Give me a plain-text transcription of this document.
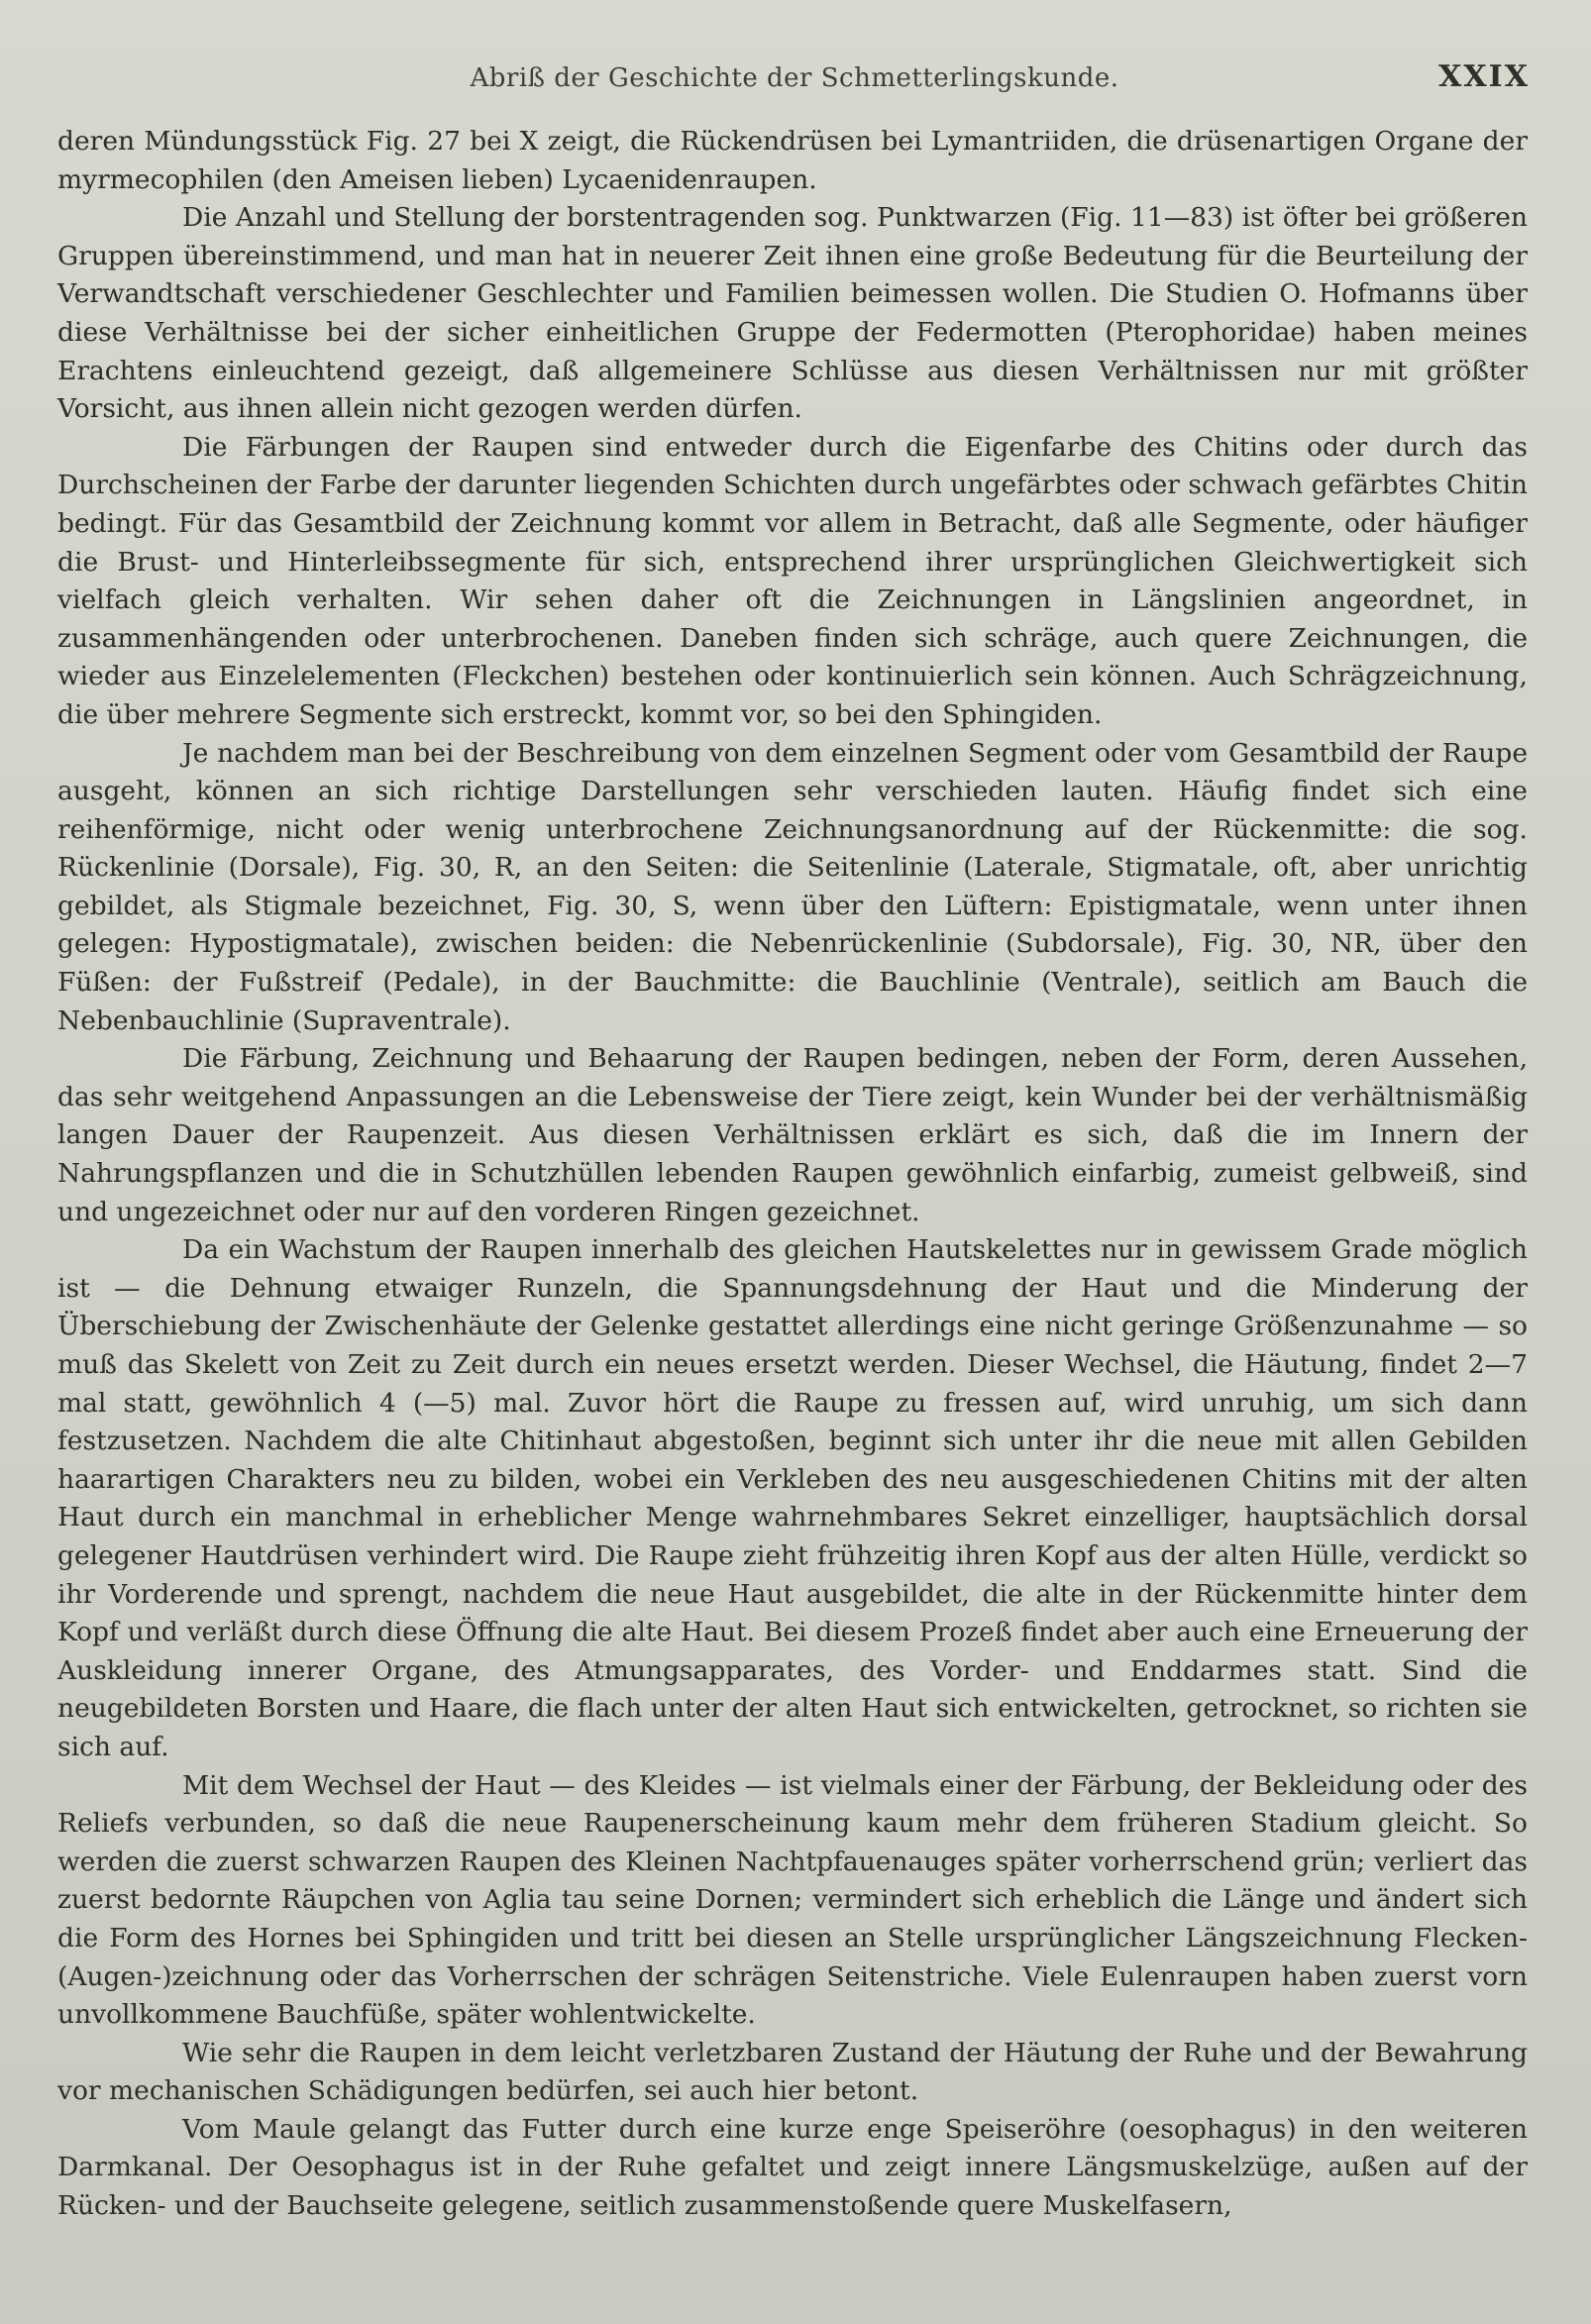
Abriß der Geschichte der Schmetterlingskunde.	XXIX

deren Mündungsstück Fig. 27 bei X zeigt, die Rückendrüsen bei Lymantriiden, die drüsenartigen Organe der myrmecophilen (den Ameisen lieben) Lycaenidenraupen.

Die Anzahl und Stellung der borstentragenden sog. Punktwarzen (Fig. 11—83) ist öfter bei größeren Gruppen übereinstimmend, und man hat in neuerer Zeit ihnen eine große Bedeutung für die Beurteilung der Verwandtschaft verschiedener Geschlechter und Familien beimessen wollen. Die Studien O. Hofmanns über diese Verhältnisse bei der sicher einheitlichen Gruppe der Federmotten (Pterophoridae) haben meines Erachtens einleuchtend gezeigt, daß allgemeinere Schlüsse aus diesen Verhältnissen nur mit größter Vorsicht, aus ihnen allein nicht gezogen werden dürfen.

Die Färbungen der Raupen sind entweder durch die Eigenfarbe des Chitins oder durch das Durchscheinen der Farbe der darunter liegenden Schichten durch ungefärbtes oder schwach gefärbtes Chitin bedingt. Für das Gesamtbild der Zeichnung kommt vor allem in Betracht, daß alle Segmente, oder häufiger die Brust- und Hinterleibssegmente für sich, entsprechend ihrer ursprünglichen Gleichwertigkeit sich vielfach gleich verhalten. Wir sehen daher oft die Zeichnungen in Längslinien angeordnet, in zusammenhängenden oder unterbrochenen. Daneben finden sich schräge, auch quere Zeichnungen, die wieder aus Einzelelementen (Fleckchen) bestehen oder kontinuierlich sein können. Auch Schrägzeichnung, die über mehrere Segmente sich erstreckt, kommt vor, so bei den Sphingiden.

Je nachdem man bei der Beschreibung von dem einzelnen Segment oder vom Gesamtbild der Raupe ausgeht, können an sich richtige Darstellungen sehr verschieden lauten. Häufig findet sich eine reihenförmige, nicht oder wenig unterbrochene Zeichnungsanordnung auf der Rückenmitte: die sog. Rückenlinie (Dorsale), Fig. 30, R, an den Seiten: die Seitenlinie (Laterale, Stigmatale, oft, aber unrichtig gebildet, als Stigmale bezeichnet, Fig. 30, S, wenn über den Lüftern: Epistigmatale, wenn unter ihnen gelegen: Hypostigmatale), zwischen beiden: die Nebenrückenlinie (Subdorsale), Fig. 30, NR, über den Füßen: der Fußstreif (Pedale), in der Bauchmitte: die Bauchlinie (Ventrale), seitlich am Bauch die Nebenbauchlinie (Supraventrale).

Die Färbung, Zeichnung und Behaarung der Raupen bedingen, neben der Form, deren Aussehen, das sehr weitgehend Anpassungen an die Lebensweise der Tiere zeigt, kein Wunder bei der verhältnismäßig langen Dauer der Raupenzeit. Aus diesen Verhältnissen erklärt es sich, daß die im Innern der Nahrungspflanzen und die in Schutzhüllen lebenden Raupen gewöhnlich einfarbig, zumeist gelbweiß, sind und ungezeichnet oder nur auf den vorderen Ringen gezeichnet.

Da ein Wachstum der Raupen innerhalb des gleichen Hautskelettes nur in gewissem Grade möglich ist — die Dehnung etwaiger Runzeln, die Spannungsdehnung der Haut und die Minderung der Überschiebung der Zwischenhäute der Gelenke gestattet allerdings eine nicht geringe Größenzunahme — so muß das Skelett von Zeit zu Zeit durch ein neues ersetzt werden. Dieser Wechsel, die Häutung, findet 2—7 mal statt, gewöhnlich 4 (—5) mal. Zuvor hört die Raupe zu fressen auf, wird unruhig, um sich dann festzusetzen. Nachdem die alte Chitinhaut abgestoßen, beginnt sich unter ihr die neue mit allen Gebilden haarartigen Charakters neu zu bilden, wobei ein Verkleben des neu ausgeschiedenen Chitins mit der alten Haut durch ein manchmal in erheblicher Menge wahrnehmbares Sekret einzelliger, hauptsächlich dorsal gelegener Hautdrüsen verhindert wird. Die Raupe zieht frühzeitig ihren Kopf aus der alten Hülle, verdickt so ihr Vorderende und sprengt, nachdem die neue Haut ausgebildet, die alte in der Rückenmitte hinter dem Kopf und verläßt durch diese Öffnung die alte Haut. Bei diesem Prozeß findet aber auch eine Erneuerung der Auskleidung innerer Organe, des Atmungsapparates, des Vorder- und Enddarmes statt. Sind die neugebildeten Borsten und Haare, die flach unter der alten Haut sich entwickelten, getrocknet, so richten sie sich auf.

Mit dem Wechsel der Haut — des Kleides — ist vielmals einer der Färbung, der Bekleidung oder des Reliefs verbunden, so daß die neue Raupenerscheinung kaum mehr dem früheren Stadium gleicht. So werden die zuerst schwarzen Raupen des Kleinen Nachtpfauenauges später vorherrschend grün; verliert das zuerst bedornte Räupchen von Aglia tau seine Dornen; vermindert sich erheblich die Länge und ändert sich die Form des Hornes bei Sphingiden und tritt bei diesen an Stelle ursprünglicher Längszeichnung Flecken-(Augen-)zeichnung oder das Vorherrschen der schrägen Seitenstriche. Viele Eulenraupen haben zuerst vorn unvollkommene Bauchfüße, später wohlentwickelte.

Wie sehr die Raupen in dem leicht verletzbaren Zustand der Häutung der Ruhe und der Bewahrung vor mechanischen Schädigungen bedürfen, sei auch hier betont.

Vom Maule gelangt das Futter durch eine kurze enge Speiseröhre (oesophagus) in den weiteren Darmkanal. Der Oesophagus ist in der Ruhe gefaltet und zeigt innere Längsmuskelzüge, außen auf der Rücken- und der Bauchseite gelegene, seitlich zusammenstoßende quere Muskelfasern,
